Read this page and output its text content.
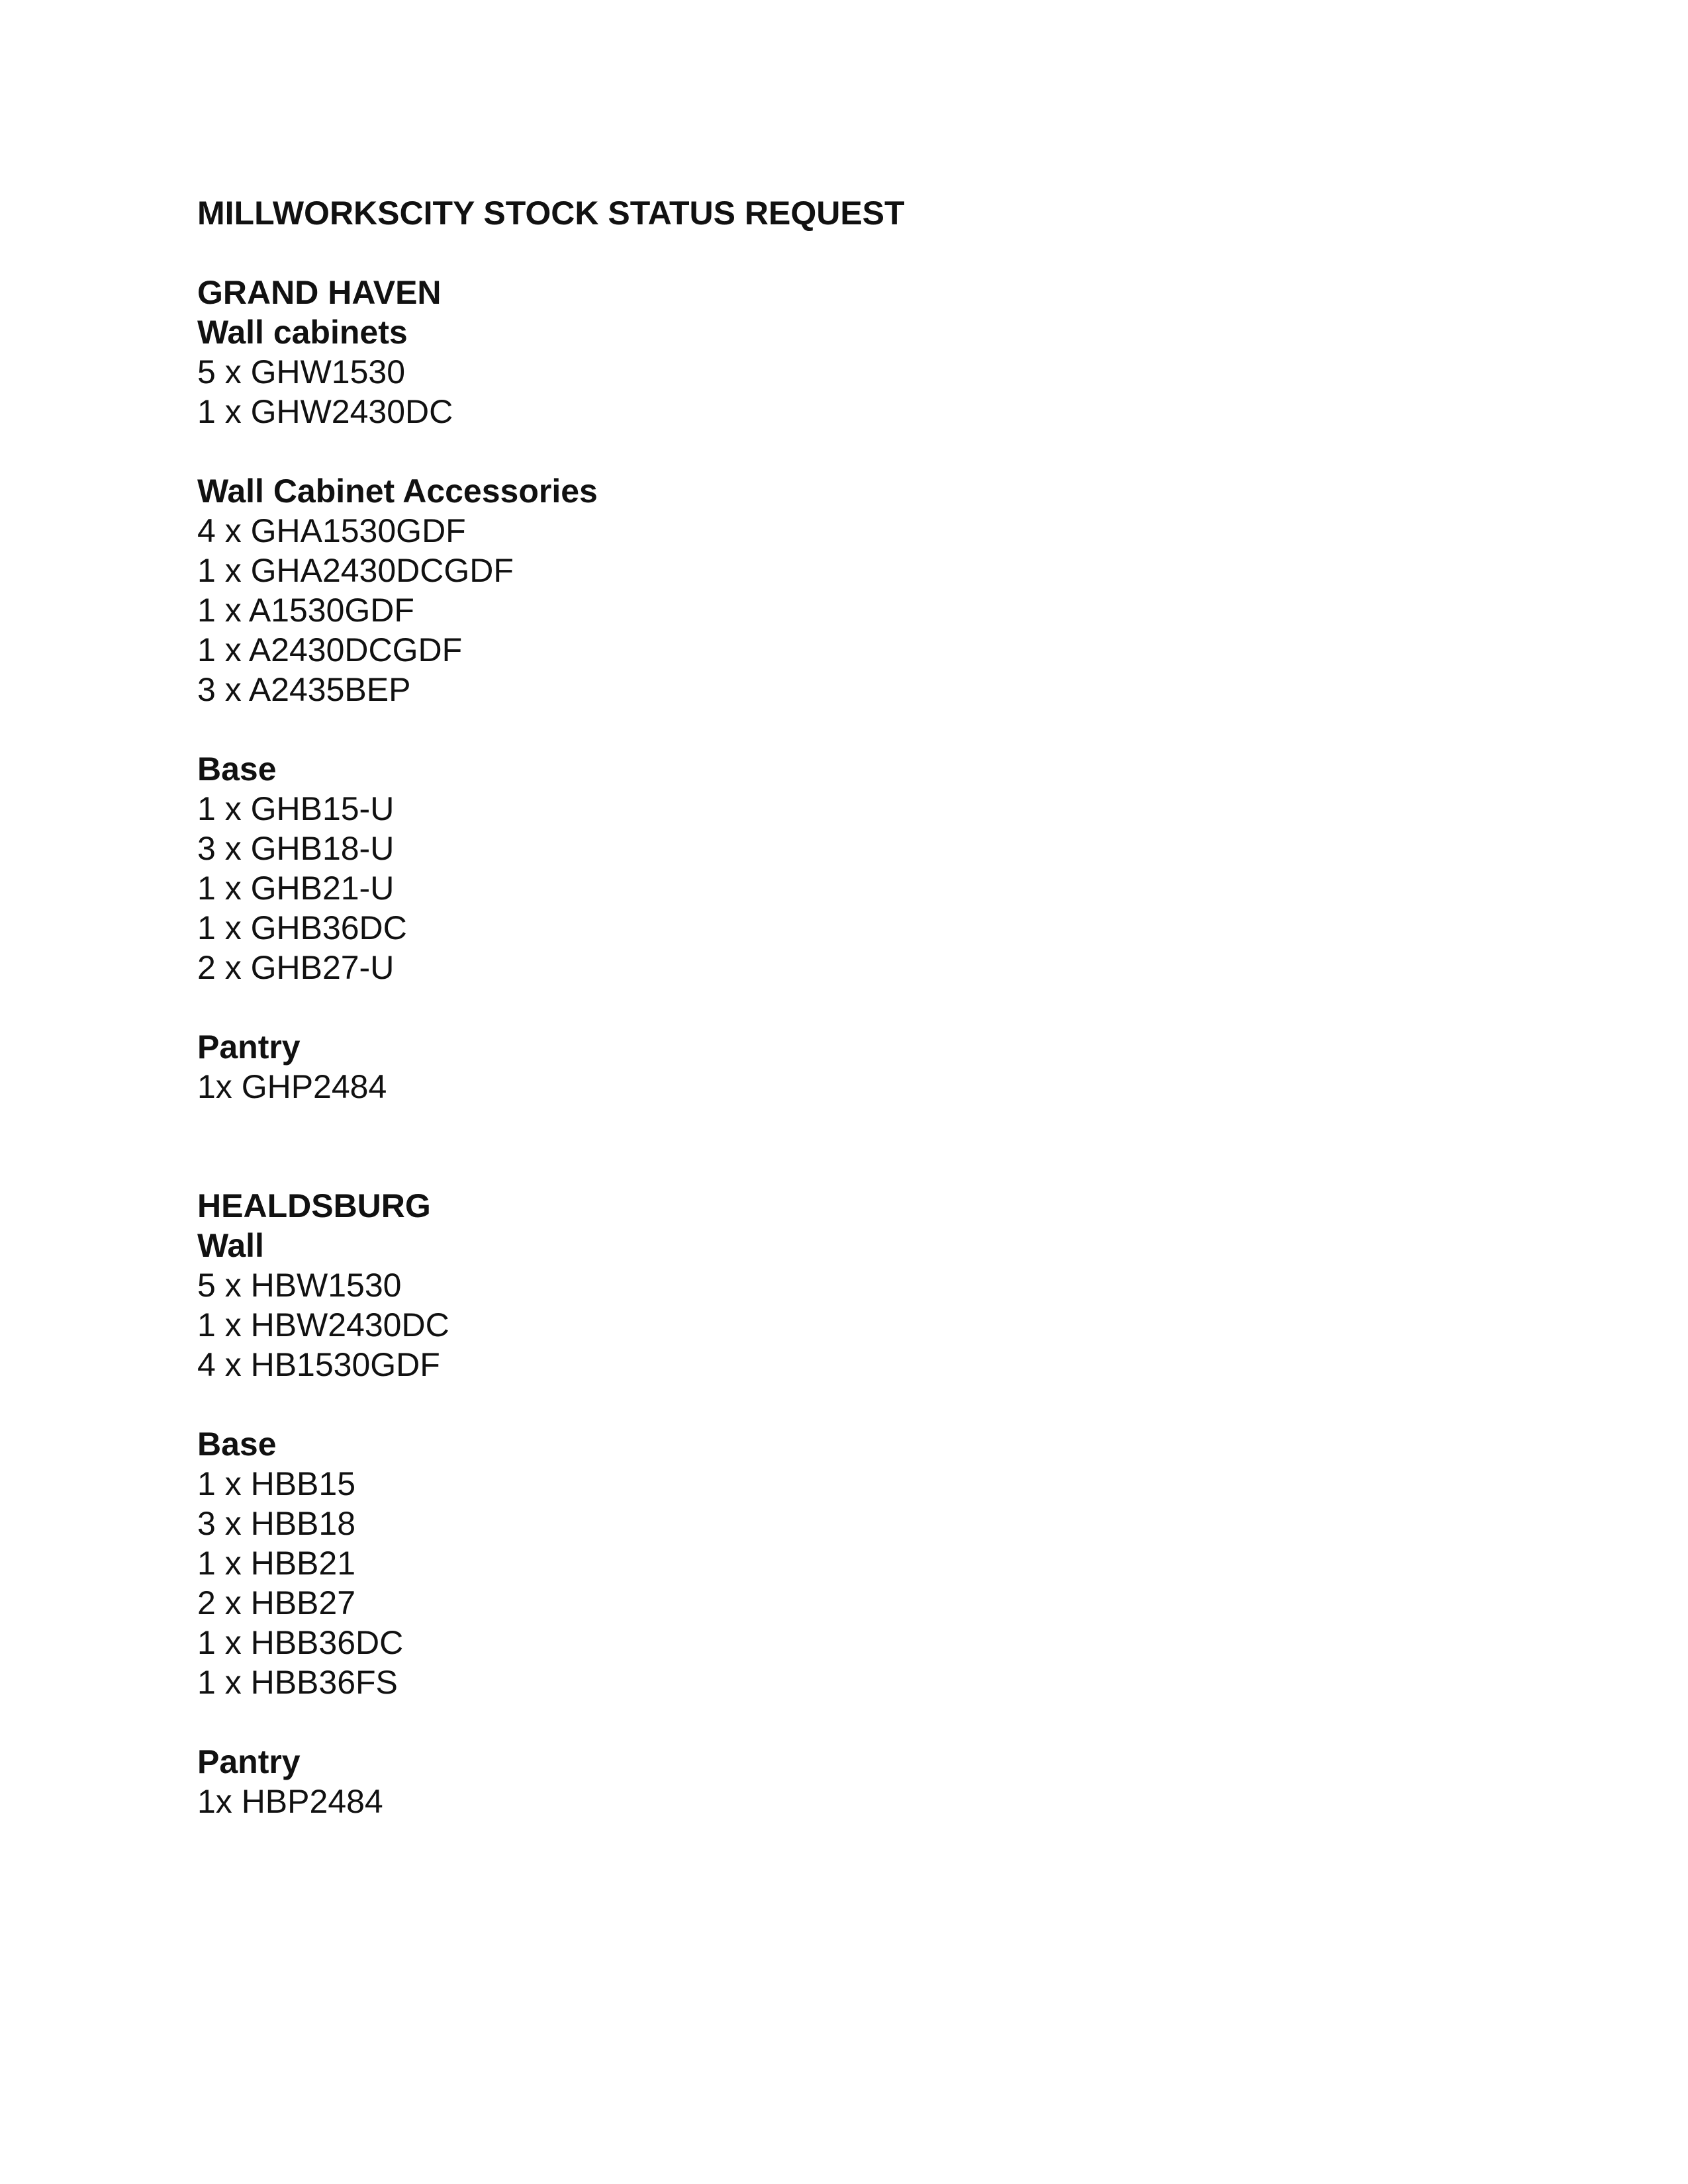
MILLWORKSCITY STOCK STATUS REQUEST
GRAND HAVEN
Wall cabinets
5 x GHW1530
1 x GHW2430DC
Wall Cabinet Accessories
4 x GHA1530GDF
1 x GHA2430DCGDF
1 x A1530GDF
1 x A2430DCGDF
3 x A2435BEP
Base
1 x GHB15-U
3 x GHB18-U
1 x GHB21-U
1 x GHB36DC
2 x GHB27-U
Pantry
1x GHP2484
HEALDSBURG
Wall
5 x HBW1530
1 x HBW2430DC
4 x HB1530GDF
Base
1 x HBB15
3 x HBB18
1 x HBB21
2 x HBB27
1 x HBB36DC
1 x HBB36FS
Pantry
1x HBP2484
